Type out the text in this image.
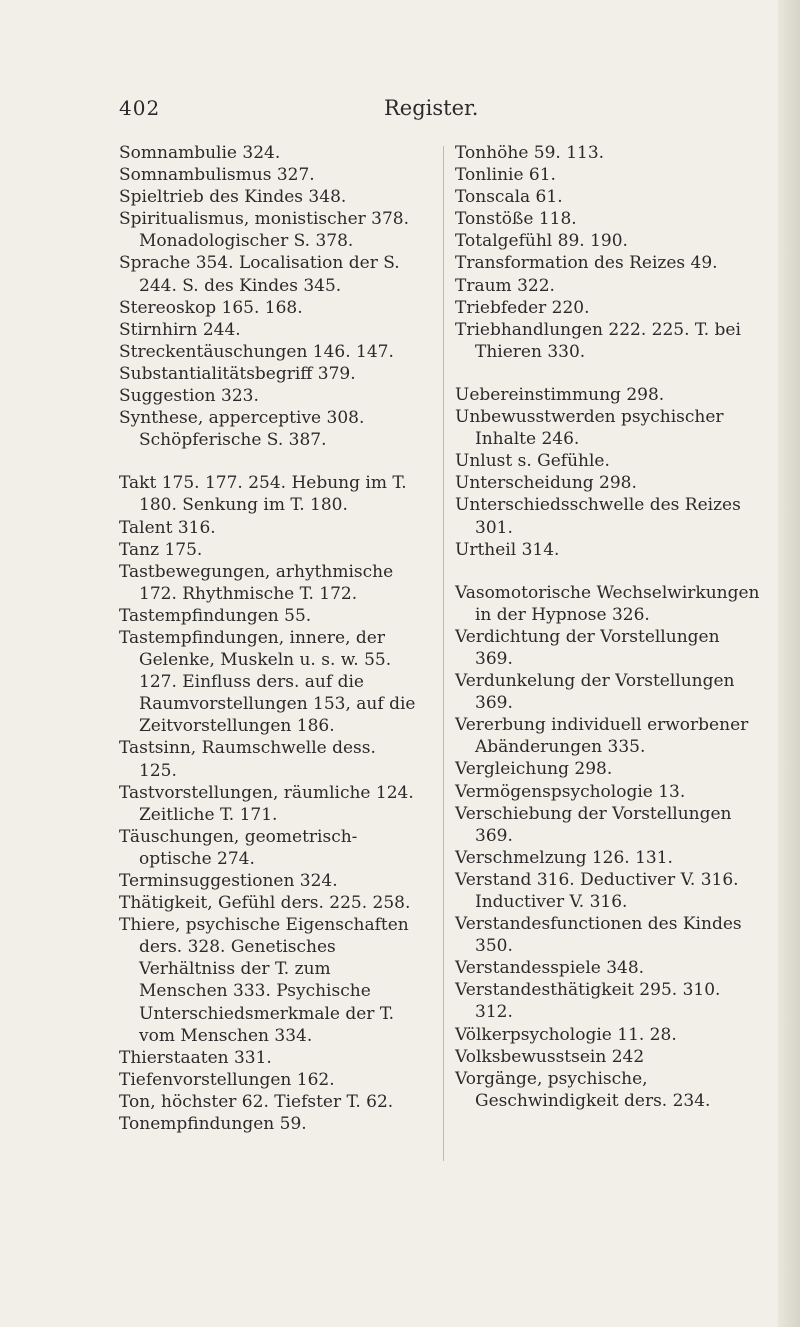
402	Register.

Somnambulie 324.

Somnambulismus 327.

Spieltrieb des Kindes 348.

Spiritualismus, monistischer 378. Monadologischer S. 378.

Sprache 354. Localisation der S. 244. S. des Kindes 345.

Stereoskop 165. 168.

Stirnhirn 244.

Streckentäuschungen 146. 147.

Substantialitätsbegriff 379.

Suggestion 323.

Synthese, apperceptive 308. Schöpferische S. 387.

Takt 175. 177. 254. Hebung im T. 180. Senkung im T. 180.

Talent 316.

Tanz 175.

Tastbewegungen, arhythmische 172. Rhythmische T. 172.

Tastempfindungen 55.

Tastempfindungen, innere, der Gelenke, Muskeln u. s. w. 55. 127. Einfluss ders. auf die Raumvorstellungen 153, auf die Zeitvorstellungen 186.

Tastsinn, Raumschwelle dess. 125.

Tastvorstellungen, räumliche 124. Zeitliche T. 171.

Täuschungen, geometrisch-optische 274.

Terminsuggestionen 324.

Thätigkeit, Gefühl ders. 225. 258.

Thiere, psychische Eigenschaften ders. 328. Genetisches Verhältniss der T. zum Menschen 333. Psychische Unterschiedsmerkmale der T. vom Menschen 334.

Thierstaaten 331.

Tiefenvorstellungen 162.

Ton, höchster 62. Tiefster T. 62.

Tonempfindungen 59.

Tonhöhe 59. 113.

Tonlinie 61.

Tonscala 61.

Tonstöße 118.

Totalgefühl 89. 190.

Transformation des Reizes 49.

Traum 322.

Triebfeder 220.

Triebhandlungen 222. 225. T. bei Thieren 330.

Uebereinstimmung 298.

Unbewusstwerden psychischer Inhalte 246.

Unlust s. Gefühle.

Unterscheidung 298.

Unterschiedsschwelle des Reizes 301.

Urtheil 314.

Vasomotorische Wechselwirkungen in der Hypnose 326.

Verdichtung der Vorstellungen 369.

Verdunkelung der Vorstellungen 369.

Vererbung individuell erworbener Abänderungen 335.

Vergleichung 298.

Vermögenspsychologie 13.

Verschiebung der Vorstellungen 369.

Verschmelzung 126. 131.

Verstand 316. Deductiver V. 316. Inductiver V. 316.

Verstandesfunctionen des Kindes 350.

Verstandesspiele 348.

Verstandesthätigkeit 295. 310. 312.

Völkerpsychologie 11. 28.

Volksbewusstsein 242

Vorgänge, psychische, Geschwindigkeit ders. 234.
